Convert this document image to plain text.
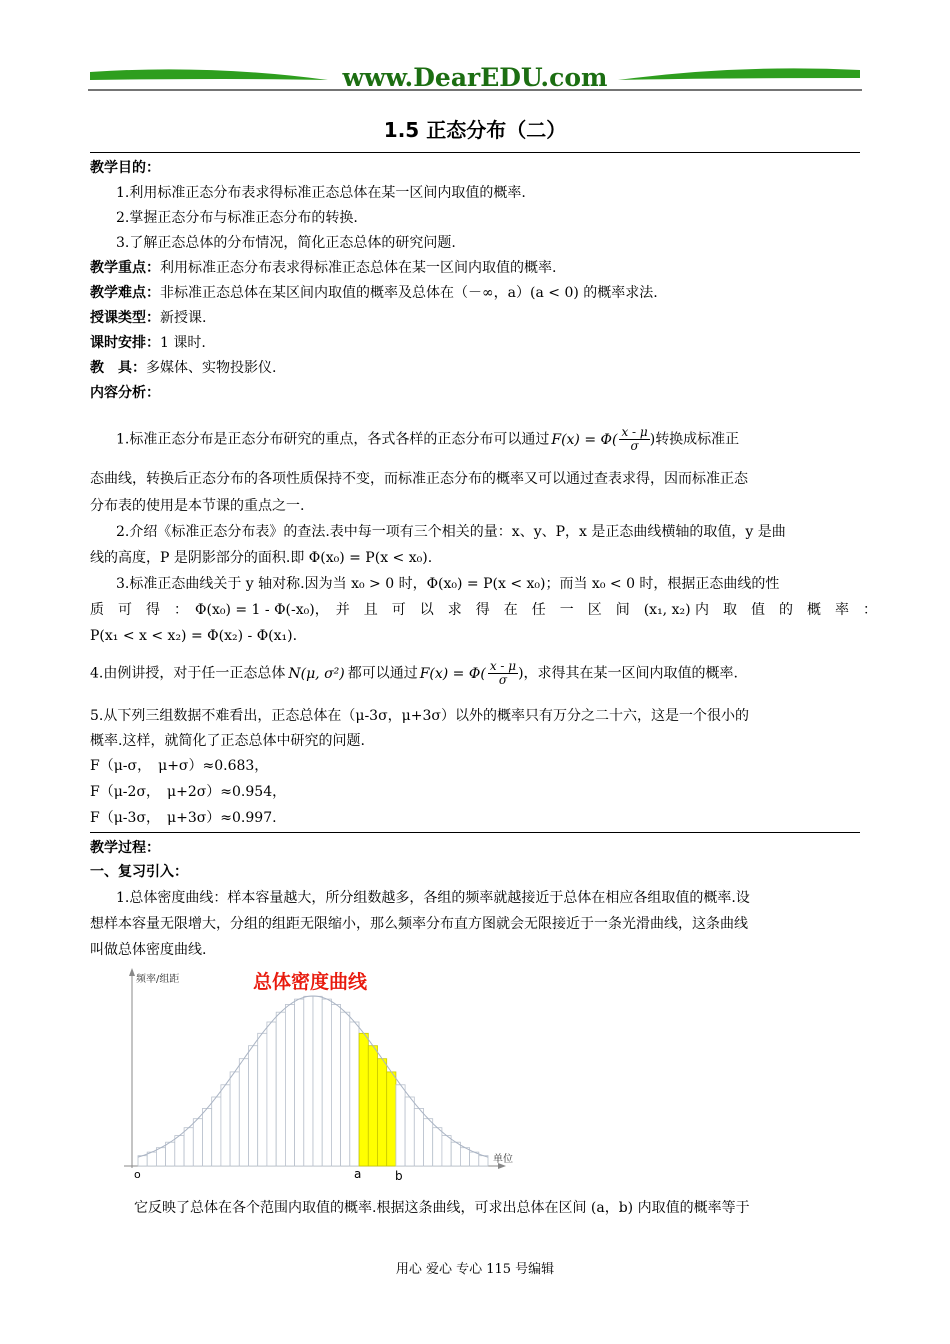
www.DearEDU.com
1.5 正态分布（二）
教学目的：
1.利用标准正态分布表求得标准正态总体在某一区间内取值的概率.
2.掌握正态分布与标准正态分布的转换.
3.了解正态总体的分布情况，简化正态总体的研究问题.
教学重点：利用标准正态分布表求得标准正态总体在某一区间内取值的概率.
教学难点：非标准正态总体在某区间内取值的概率及总体在（－∞，a）(a < 0) 的概率求法.
授课类型：新授课.
课时安排：1 课时.
教　具：多媒体、实物投影仪.
内容分析：
1.标准正态分布是正态分布研究的重点，各式各样的正态分布可以通过 $F(x) = \Phi( \frac{x - \mu}{\sigma}$ )转换成标准正
态曲线，转换后正态分布的各项性质保持不变，而标准正态分布的概率又可以通过查表求得，因而标准正态
分布表的使用是本节课的重点之一.
2.介绍《标准正态分布表》的查法.表中每一项有三个相关的量：x、y、P，x 是正态曲线横轴的取值，y 是曲
线的高度，P 是阴影部分的面积.即 Φ(x₀) = P(x < x₀).
3.标准正态曲线关于 y 轴对称.因为当 x₀ > 0 时，Φ(x₀) = P(x < x₀)；而当 x₀ < 0 时，根据正态曲线的性
质　可　得　：　Φ(x₀) = 1 - Φ(-x₀)，　并　且　可　以　求　得　在　任　一　区　间　(x₁, x₂) 内　取　值　的　概　率　：
P(x₁ < x < x₂) = Φ(x₂) - Φ(x₁).
4.由例讲授，对于任一正态总体 N(μ, σ²) 都可以通过 $F(x) = \Phi( \frac{x - \mu}{\sigma}$ )，求得其在某一区间内取值的概率.
5.从下列三组数据不难看出，正态总体在（μ-3σ，μ+3σ）以外的概率只有万分之二十六，这是一个很小的
概率.这样，就简化了正态总体中研究的问题.
F（μ-σ，　μ+σ）≈0.683，
F（μ-2σ，　μ+2σ）≈0.954，
F（μ-3σ，　μ+3σ）≈0.997.
教学过程：
一、复习引入：
1.总体密度曲线：样本容量越大，所分组数越多，各组的频率就越接近于总体在相应各组取值的概率.设
想样本容量无限增大，分组的组距无限缩小，那么频率分布直方图就会无限接近于一条光滑曲线，这条曲线
叫做总体密度曲线.
总体密度曲线
频率/组距
单位
o	a	b
它反映了总体在各个范围内取值的概率.根据这条曲线，可求出总体在区间 (a，b) 内取值的概率等于
用心 爱心 专心 115 号编辑
